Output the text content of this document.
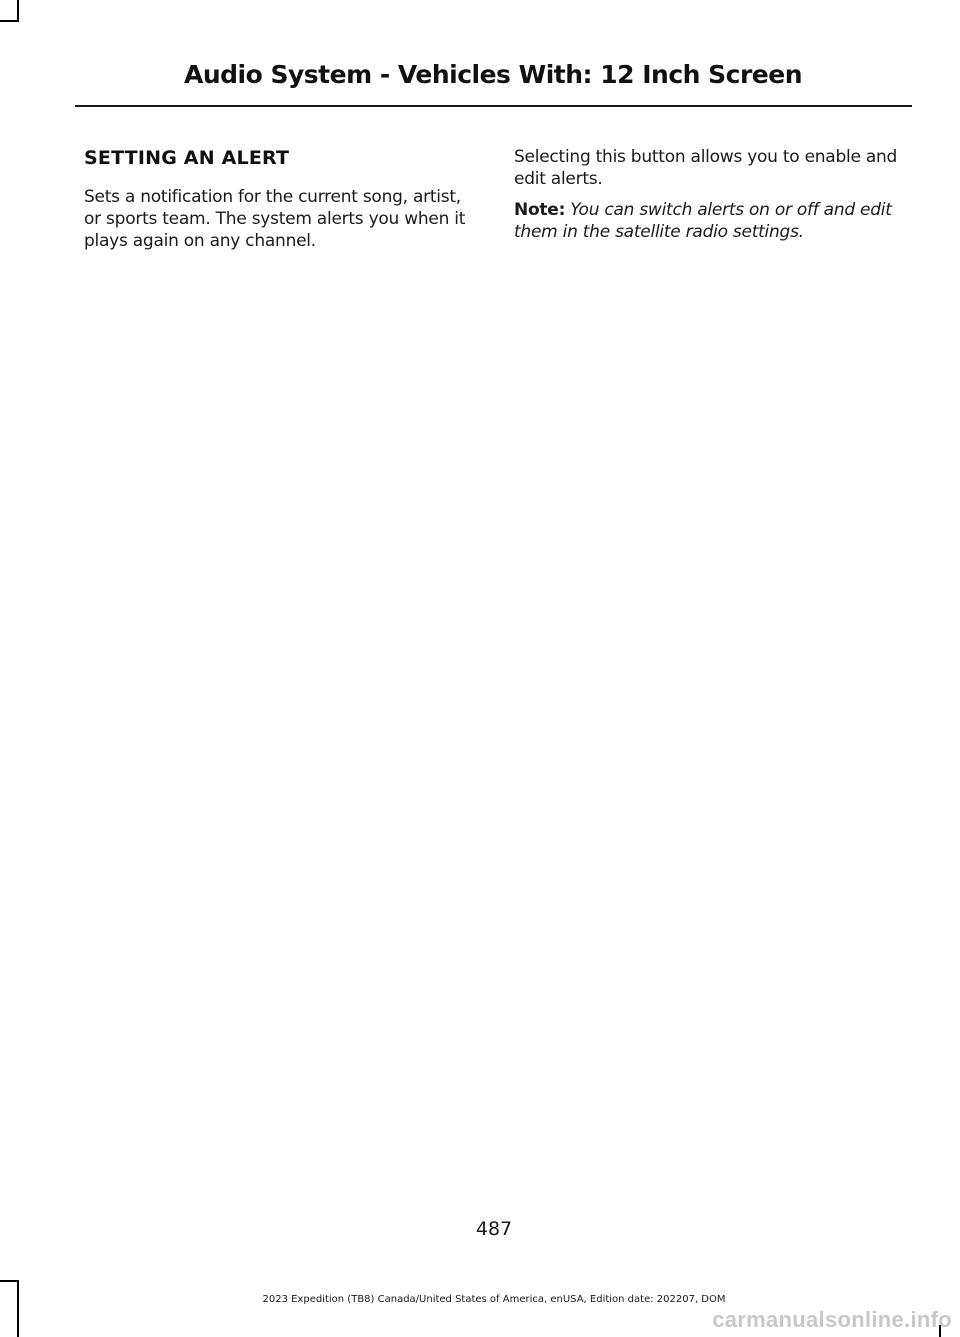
Audio System - Vehicles With: 12 Inch Screen
SETTING AN ALERT

Sets a notification for the current song, artist, or sports team. The system alerts you when it plays again on any channel.

Selecting this button allows you to enable and edit alerts.

Note: You can switch alerts on or off and edit them in the satellite radio settings.

487
2023 Expedition (TB8) Canada/United States of America, enUSA, Edition date: 202207, DOM
carmanualsonline.info
